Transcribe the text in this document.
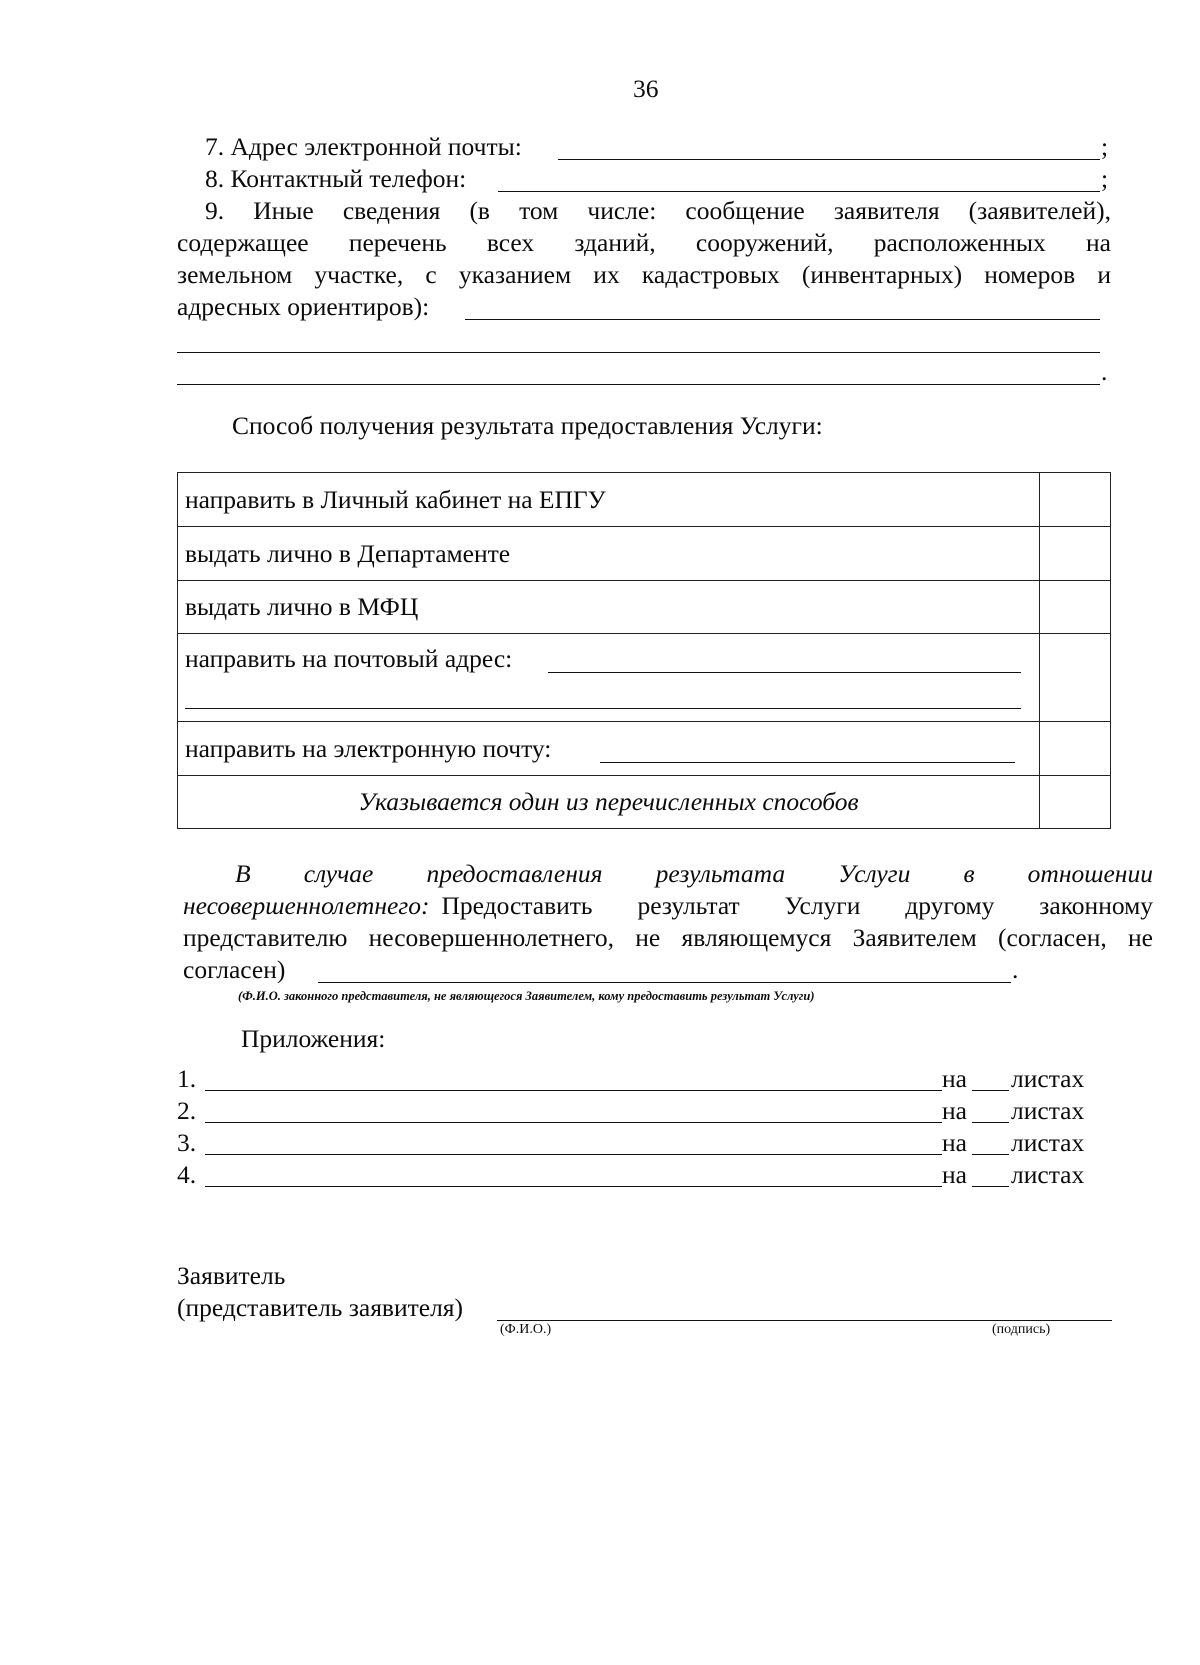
36
7. Адрес электронной почты:	;
8. Контактный телефон:	;
9. Иные сведения (в том числе: сообщение заявителя (заявителей),
содержащее перечень всех зданий, сооружений, расположенных на
земельном участке, с указанием их кадастровых (инвентарных) номеров и
адресных ориентиров):
.
Способ получения результата предоставления Услуги:
направить в Личный кабинет на ЕПГУ	
выдать лично в Департаменте	
выдать лично в МФЦ	

направить на почтовый адрес:	

направить на электронную почту:	

Указывается один из перечисленных способов	
В случае предоставления результата Услуги в отношении
несовершеннолетнего: Предоставить результат Услуги другому законному
представителю несовершеннолетнего, не являющемуся Заявителем (согласен, не
согласен)	.
(Ф.И.О. законного представителя, не являющегося Заявителем, кому предоставить результат Услуги)
Приложения:
1.	на листах
2.	на листах
3.	на листах
4.	на листах
Заявитель
(представитель заявителя)
(Ф.И.О.)	(подпись)
